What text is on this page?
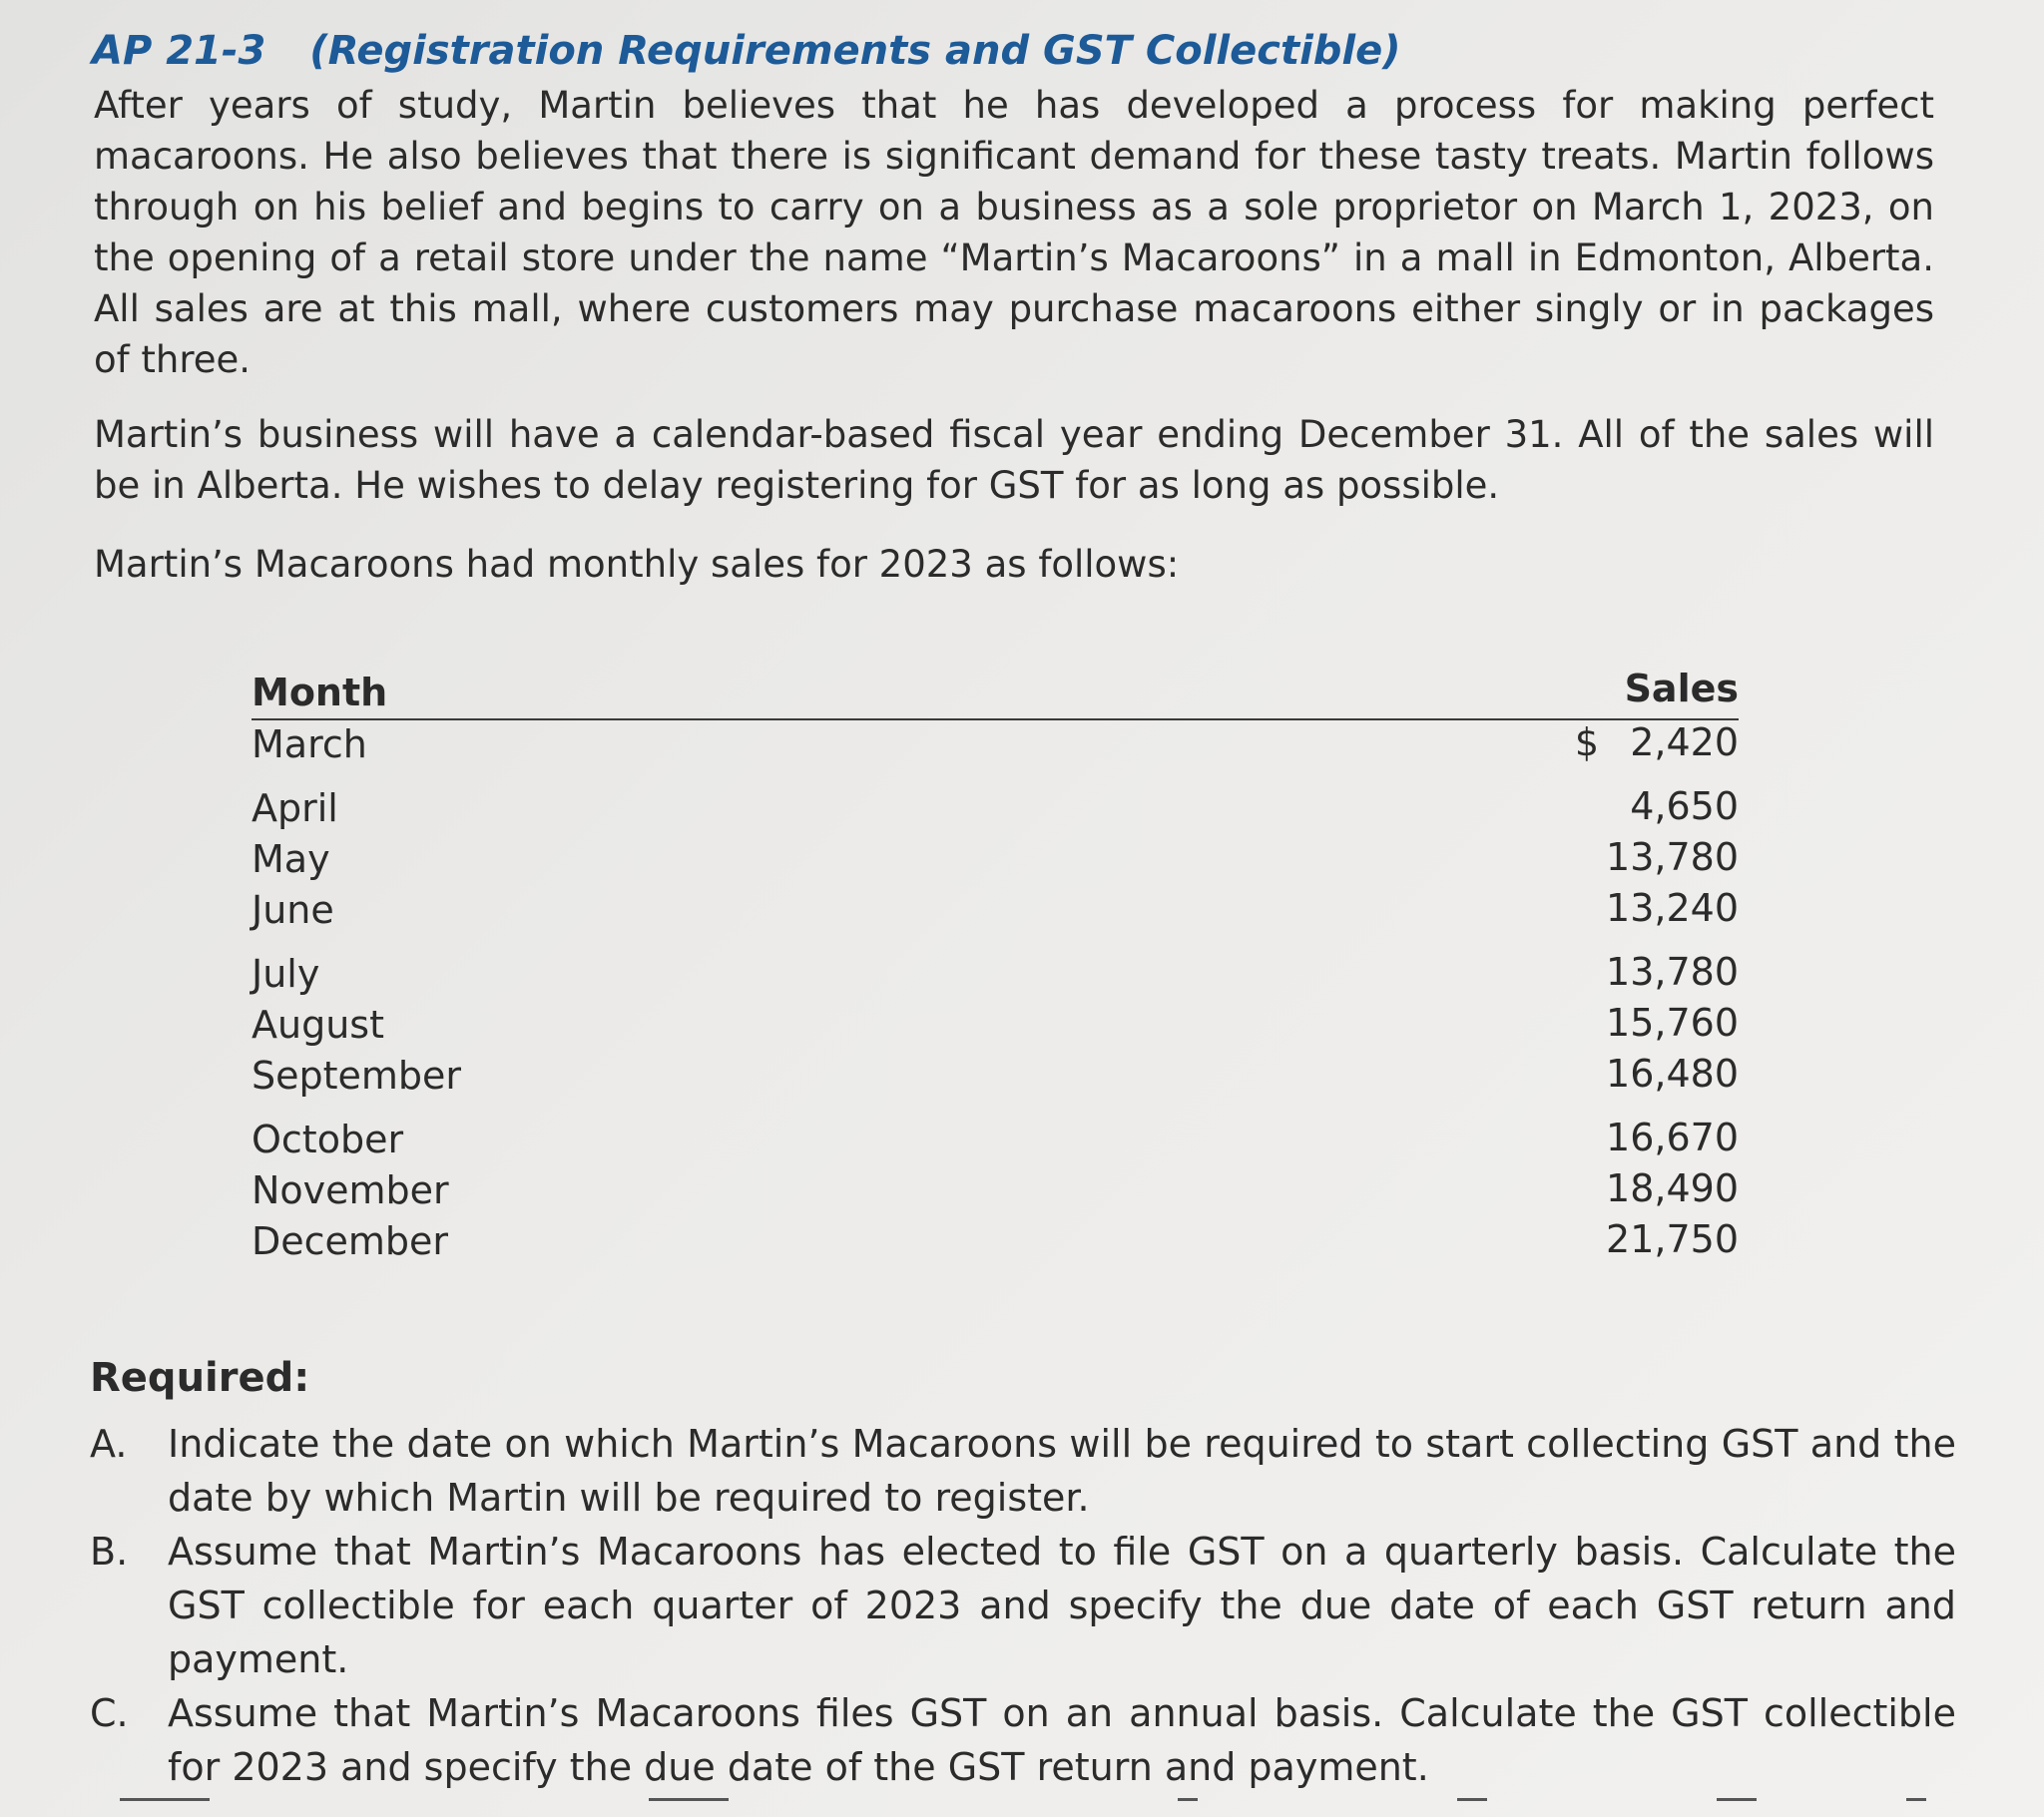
AP 21-3 (Registration Requirements and GST Collectible)

After years of study, Martin believes that he has developed a process for making perfect macaroons. He also believes that there is significant demand for these tasty treats. Martin follows through on his belief and begins to carry on a business as a sole proprietor on March 1, 2023, on the opening of a retail store under the name “Martin’s Macaroons” in a mall in Edmonton, Alberta. All sales are at this mall, where customers may purchase macaroons either singly or in packages of three.

Martin’s business will have a calendar-based fiscal year ending December 31. All of the sales will be in Alberta. He wishes to delay registering for GST for as long as possible.

Martin’s Macaroons had monthly sales for 2023 as follows:

Month	Sales
March	$ 2,420
April	4,650
May	13,780
June	13,240
July	13,780
August	15,760
September	16,480
October	16,670
November	18,490
December	21,750
Required:
A. Indicate the date on which Martin’s Macaroons will be required to start collecting GST and the date by which Martin will be required to register.
B. Assume that Martin’s Macaroons has elected to file GST on a quarterly basis. Calculate the GST collectible for each quarter of 2023 and specify the due date of each GST return and payment.
C. Assume that Martin’s Macaroons files GST on an annual basis. Calculate the GST collectible for 2023 and specify the due date of the GST return and payment.
